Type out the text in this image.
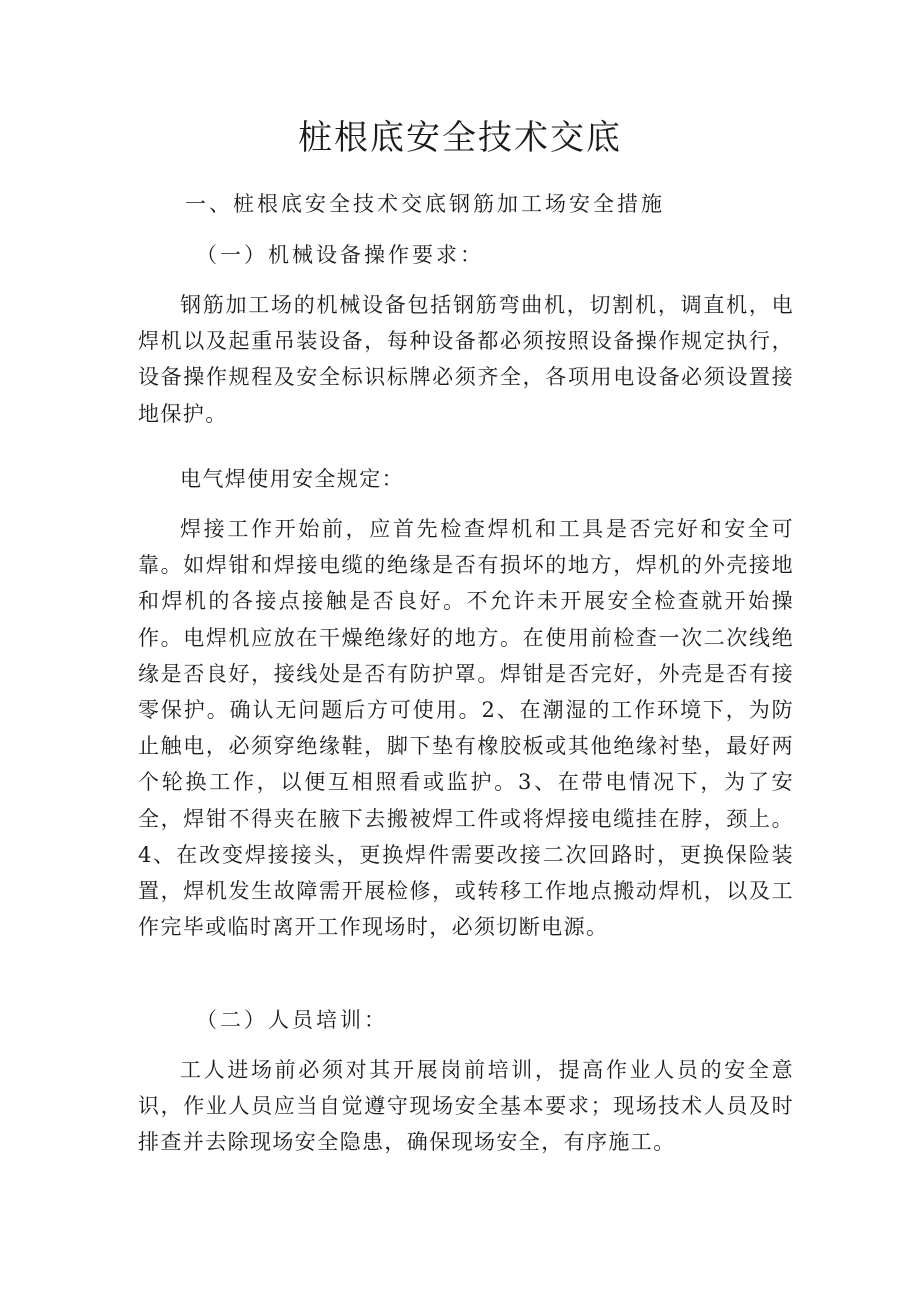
桩根底安全技术交底

一、桩根底安全技术交底钢筋加工场安全措施

（一）机械设备操作要求：

钢筋加工场的机械设备包括钢筋弯曲机，切割机，调直机，电焊机以及起重吊装设备，每种设备都必须按照设备操作规定执行，设备操作规程及安全标识标牌必须齐全，各项用电设备必须设置接地保护。

电气焊使用安全规定：

焊接工作开始前，应首先检查焊机和工具是否完好和安全可靠。如焊钳和焊接电缆的绝缘是否有损坏的地方，焊机的外壳接地和焊机的各接点接触是否良好。不允许未开展安全检查就开始操作。电焊机应放在干燥绝缘好的地方。在使用前检查一次二次线绝缘是否良好，接线处是否有防护罩。焊钳是否完好，外壳是否有接零保护。确认无问题后方可使用。2、在潮湿的工作环境下，为防止触电，必须穿绝缘鞋，脚下垫有橡胶板或其他绝缘衬垫，最好两个轮换工作，以便互相照看或监护。3、在带电情况下，为了安全，焊钳不得夹在腋下去搬被焊工件或将焊接电缆挂在脖，颈上。4、在改变焊接接头，更换焊件需要改接二次回路时，更换保险装置，焊机发生故障需开展检修，或转移工作地点搬动焊机，以及工作完毕或临时离开工作现场时，必须切断电源。

（二）人员培训：

工人进场前必须对其开展岗前培训，提高作业人员的安全意识，作业人员应当自觉遵守现场安全基本要求；现场技术人员及时排查并去除现场安全隐患，确保现场安全，有序施工。
